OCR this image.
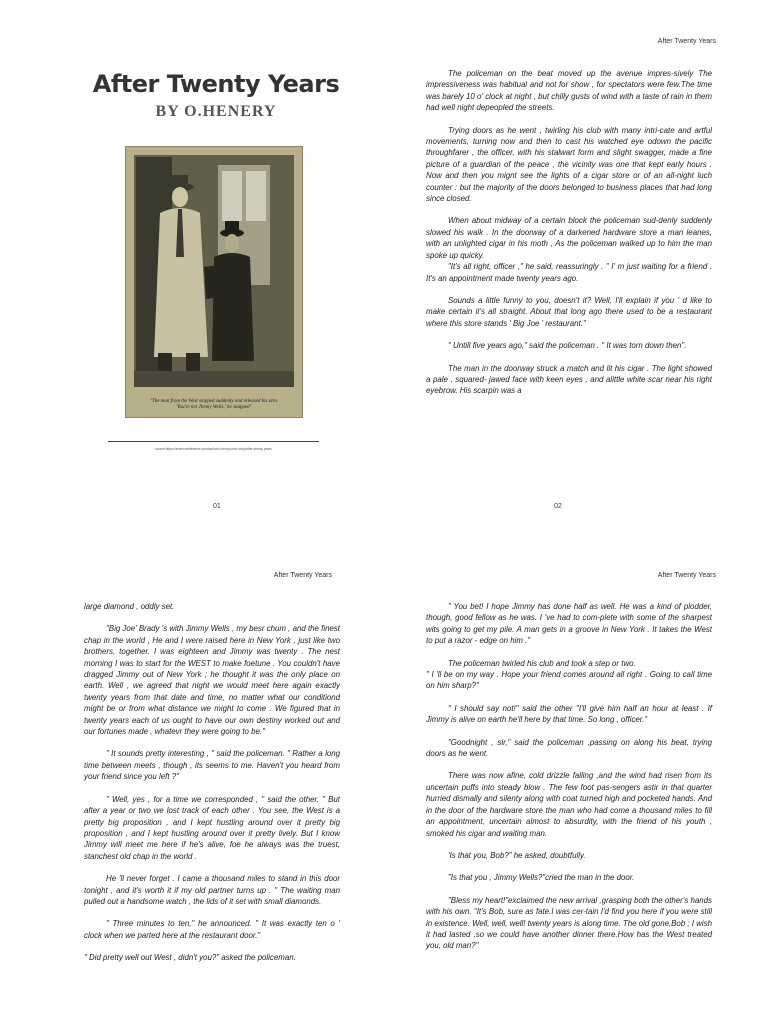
After Twenty Years
BY O.HENERY
"The man from the West stopped suddenly and released his arm.
'You're not Jimmy Wells,' he snapped"
source:https://americanliterature.com/author/o-henry/short-story/after-twenty-years
01
After Twenty Years

The policeman on the beat moved up the avenue impres-sively The impressiveness was habitual and not for show , for spectators were few.The time was barely 10 o' clock at night , but chilly gusts of wind with a taste of rain in them had well night depeopled the streets.

Trying doors as he went , twirling his club with many intri-cate and artful movements, turning now and then to cast his watched eye odown the pacific throughfarer , the officer, with his stalwart form and slight swagger, made a fine picture of a guardian of the peace , the vicinity was one that kept early hours . Now and then you mignt see the lights of a cigar store or of an all-night luch counter : but the majority of the doors belonged to business places that had long since closed.

When about midway of a certain block the policeman sud-denly suddenly slowed his walk . In the doorway of a darkened hardware store a man leanes, with an unlighted cigar in his moth , As the policeman walked up to him the man spoke up quicky.

"It's all right, officer ," he said, reassuringly . " I' m just waiting for a friend . It's an appointment made twenty years ago.

Sounds a little funny to you, doesn't it? Well, I'll explain if you ' d like to make certain it's all straight. About that long ago there used to be a restaurant where this store stands ' Big Joe ' restaurant."

" Untill five years ago," said the policeman . " It was torn down then".

The man in the doorway struck a match and lit his cigar . The light showed a pale , squared- jawed face with keen eyes , and alittle white scar near his right eyebrow. His scarpin was a

02
After Twenty Years

large diamond , oddly set.

"Big Joe' Brady 's with Jimmy Wells , my besr chum , and the finest chap in the world , He and I were raised here in New York , just like two brothers, together. I was eighteen and Jimmy was twenty . The nest morning I was to start for the WEST to make foetune . You couldn't have dragged Jimmy out of New York ; he thought it was the only place on earth. Well , we agreed that night we would meet here again exactly twenty years from that date and time, no matter what our conditiond might be or from what distance we might to come . We figured that in twenty years each of us ought to have our own destiny worked out and our fortunes made , whatevr they were going to be."

" It sounds pretty interesting , " said the policeman. " Rather a long time between meets , though , its seems to me. Haven't you heard from your friend since you left ?"

" Well, yes , for a time we corresponded , " said the other. " But after a year or two we lost track of each other . You see, the West is a pretty big proposition , and I kept hustling around over it pretty big proposition , and I kept hustling around over it pretty lively. But I know Jimmy will meet me here if he's alive, foe he always was the truest, stanchest old chap in the world .

He 'll never forget . I came a thousand miles to stand in this door tonight , and it's worth it if my old partner turns up . " The waiting man pulled out a handsome watch , the lids of it set with small diamonds.

" Three minutes to ten," he announced. " It was exactly ten o ' clock when we parted here at the restaurant door."

" Did pretty well out West , didn't you?" asked the policeman.

After Twenty Years

" You bet! I hope Jimmy has done half as well. He was a kind of plodder, though, good fellow as he was. I 've had to com-plete with some of the sharpest wits going to get my pile. A man gets in a groove in New York . It takes the West to put a razor - edge on him ."

The policeman twirled his club and took a step or two.

" I 'll be on my way . Hope your friend comes around all right . Going to call time on him sharp?"

" I should say not!" said the other "I'll give him half an hour at least . If Jimmy is alive on earth he'll here by that time. So long , officer."

"Goodnight , sir," said the policeman ,passing on along his beat, trying doors as he went.

There was now afine, cold drizzle falling ,and the wind had risen from its uncertain puffs into steady blow . The few foot pas-sengers astir in that quarter hurried dismally and silenty along with coat turned high and pocketed hands. And in the door of the hardware store the man who had come a thousand miles to fill an appointment, uncertain almost to absurdity, with the friend of his youth , smoked his cigar and waiting man.

'Is that you, Bob?" he asked, doubtfully.

"Is that you , Jimmy Wells?"cried the man in the door.

"Bless my heart!"exclaimed the new arrival ,grasping both the other's hands with his own. "It's Bob, sure as fate.I was cer-tain I'd find you here if you were still in existence. Well, well, well! twenty years is along time. The old gone,Bob ; I wish it had lasted ,so we could have another dinner there.How has the West treated you, old man?"
